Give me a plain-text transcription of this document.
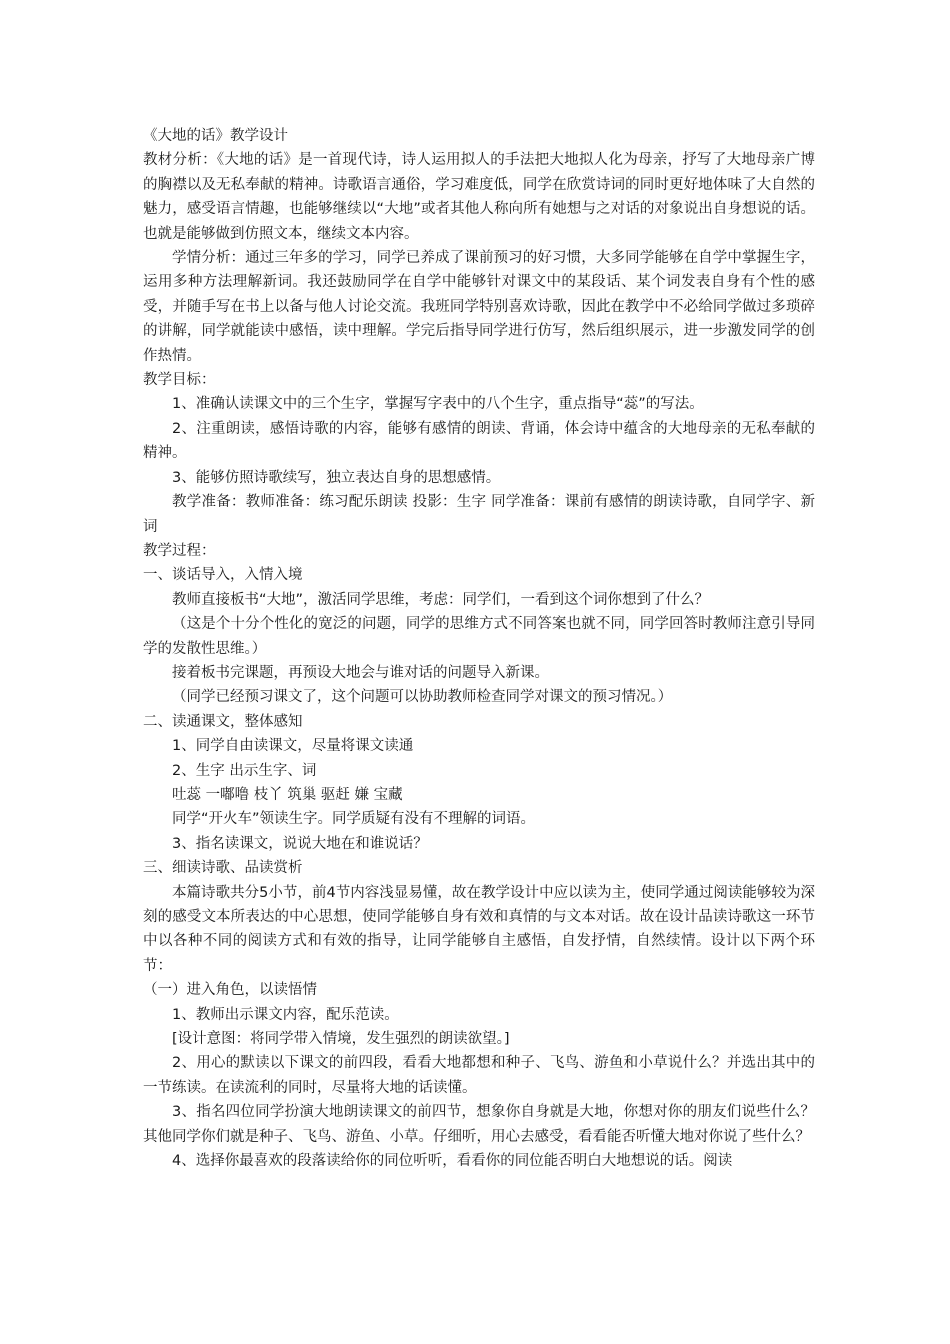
《大地的话》教学设计

教材分析：《大地的话》是一首现代诗，诗人运用拟人的手法把大地拟人化为母亲，抒写了大地母亲广博的胸襟以及无私奉献的精神。诗歌语言通俗，学习难度低，同学在欣赏诗词的同时更好地体味了大自然的魅力，感受语言情趣，也能够继续以“大地”或者其他人称向所有她想与之对话的对象说出自身想说的话。也就是能够做到仿照文本，继续文本内容。

学情分析：通过三年多的学习，同学已养成了课前预习的好习惯，大多同学能够在自学中掌握生字，运用多种方法理解新词。我还鼓励同学在自学中能够针对课文中的某段话、某个词发表自身有个性的感受，并随手写在书上以备与他人讨论交流。我班同学特别喜欢诗歌，因此在教学中不必给同学做过多琐碎的讲解，同学就能读中感悟，读中理解。学完后指导同学进行仿写，然后组织展示，进一步激发同学的创作热情。

教学目标：

1、准确认读课文中的三个生字，掌握写字表中的八个生字，重点指导“蕊”的写法。

2、注重朗读，感悟诗歌的内容，能够有感情的朗读、背诵，体会诗中蕴含的大地母亲的无私奉献的精神。

3、能够仿照诗歌续写，独立表达自身的思想感情。

教学准备：教师准备：练习配乐朗读 投影：生字 同学准备：课前有感情的朗读诗歌，自同学字、新词

教学过程：

一、谈话导入，入情入境

教师直接板书“大地”，激活同学思维，考虑：同学们，一看到这个词你想到了什么？

（这是个十分个性化的宽泛的问题，同学的思维方式不同答案也就不同，同学回答时教师注意引导同学的发散性思维。）

接着板书完课题，再预设大地会与谁对话的问题导入新课。

（同学已经预习课文了，这个问题可以协助教师检查同学对课文的预习情况。）

二、读通课文，整体感知

1、同学自由读课文，尽量将课文读通

2、生字 出示生字、词

吐蕊 一嘟噜 枝丫 筑巢 驱赶 嫌 宝藏

同学“开火车”领读生字。同学质疑有没有不理解的词语。

3、指名读课文，说说大地在和谁说话？

三、细读诗歌、品读赏析

本篇诗歌共分5小节，前4节内容浅显易懂，故在教学设计中应以读为主，使同学通过阅读能够较为深刻的感受文本所表达的中心思想，使同学能够自身有效和真情的与文本对话。故在设计品读诗歌这一环节中以各种不同的阅读方式和有效的指导，让同学能够自主感悟，自发抒情，自然续情。设计以下两个环节：

（一）进入角色，以读悟情

1、教师出示课文内容，配乐范读。

[设计意图：将同学带入情境，发生强烈的朗读欲望。]

2、用心的默读以下课文的前四段，看看大地都想和种子、飞鸟、游鱼和小草说什么？并选出其中的一节练读。在读流利的同时，尽量将大地的话读懂。

3、指名四位同学扮演大地朗读课文的前四节，想象你自身就是大地，你想对你的朋友们说些什么？其他同学你们就是种子、飞鸟、游鱼、小草。仔细听，用心去感受，看看能否听懂大地对你说了些什么？

4、选择你最喜欢的段落读给你的同位听听，看看你的同位能否明白大地想说的话。阅读
